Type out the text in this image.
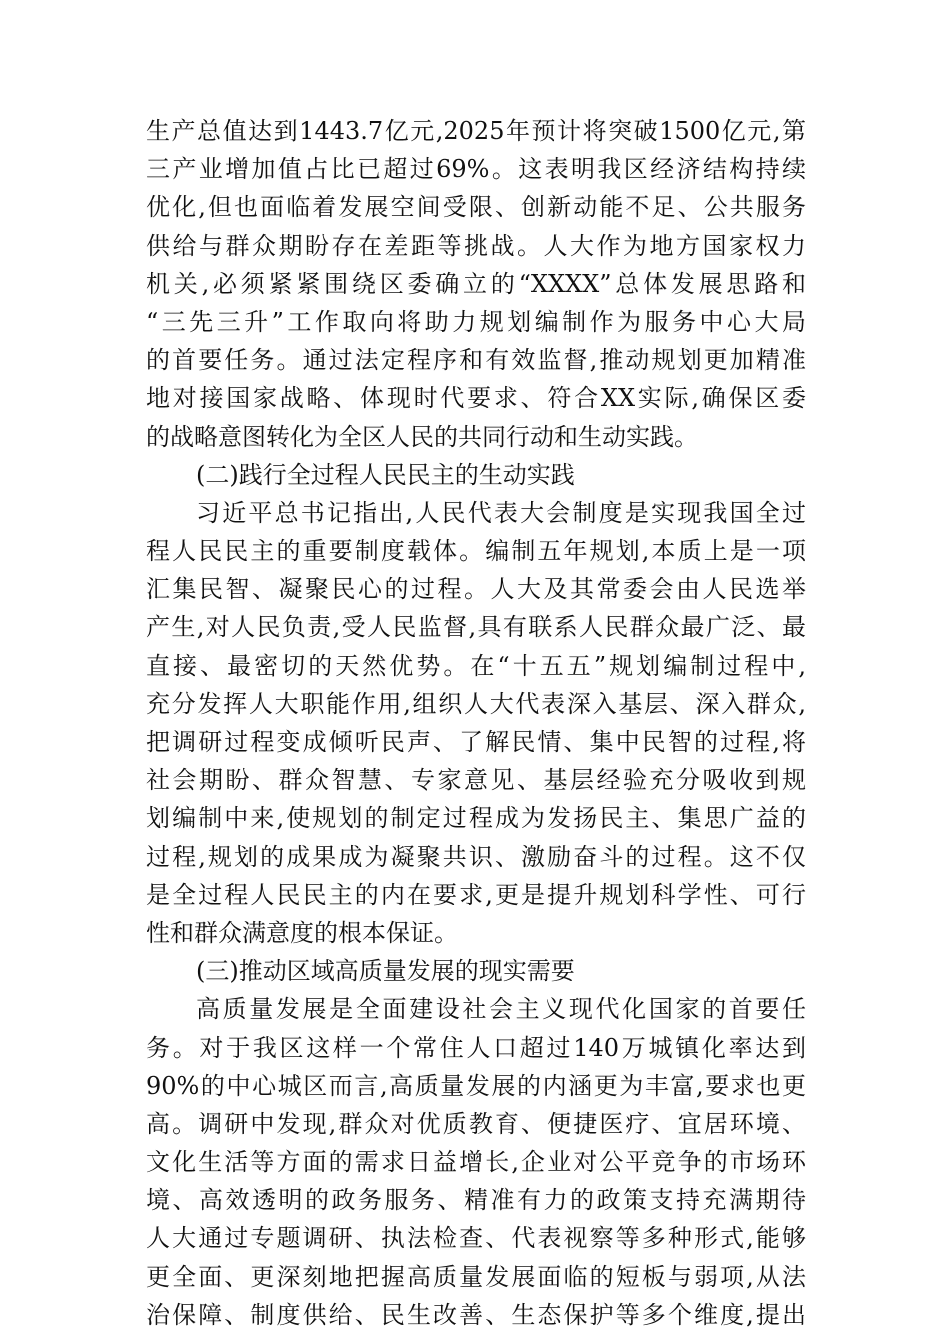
生产总值达到1443.7亿元,2025年预计将突破1500亿元,第
三产业增加值占比已超过69%。这表明我区经济结构持续
优化,但也面临着发展空间受限、创新动能不足、公共服务
供给与群众期盼存在差距等挑战。人大作为地方国家权力
机关,必须紧紧围绕区委确立的“XXXX”总体发展思路和
“三先三升”工作取向将助力规划编制作为服务中心大局
的首要任务。通过法定程序和有效监督,推动规划更加精准
地对接国家战略、体现时代要求、符合XX实际,确保区委
的战略意图转化为全区人民的共同行动和生动实践。
(二)践行全过程人民民主的生动实践
习近平总书记指出,人民代表大会制度是实现我国全过
程人民民主的重要制度载体。编制五年规划,本质上是一项
汇集民智、凝聚民心的过程。人大及其常委会由人民选举
产生,对人民负责,受人民监督,具有联系人民群众最广泛、最
直接、最密切的天然优势。在“十五五”规划编制过程中,
充分发挥人大职能作用,组织人大代表深入基层、深入群众,
把调研过程变成倾听民声、了解民情、集中民智的过程,将
社会期盼、群众智慧、专家意见、基层经验充分吸收到规
划编制中来,使规划的制定过程成为发扬民主、集思广益的
过程,规划的成果成为凝聚共识、激励奋斗的过程。这不仅
是全过程人民民主的内在要求,更是提升规划科学性、可行
性和群众满意度的根本保证。
(三)推动区域高质量发展的现实需要
高质量发展是全面建设社会主义现代化国家的首要任
务。对于我区这样一个常住人口超过140万城镇化率达到
90%的中心城区而言,高质量发展的内涵更为丰富,要求也更
高。调研中发现,群众对优质教育、便捷医疗、宜居环境、
文化生活等方面的需求日益增长,企业对公平竞争的市场环
境、高效透明的政务服务、精准有力的政策支持充满期待
人大通过专题调研、执法检查、代表视察等多种形式,能够
更全面、更深刻地把握高质量发展面临的短板与弱项,从法
治保障、制度供给、民生改善、生态保护等多个维度,提出
